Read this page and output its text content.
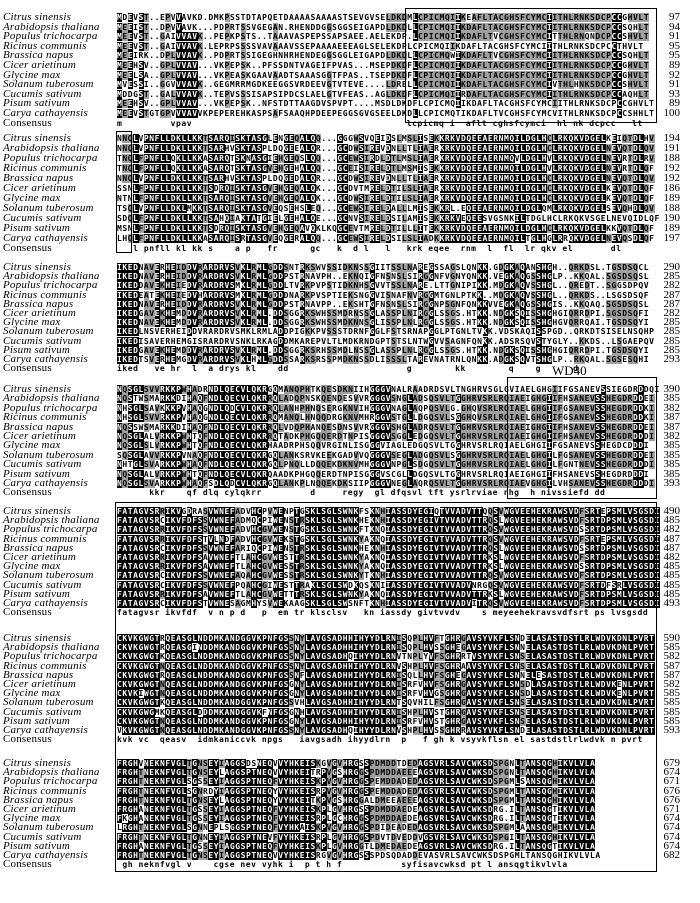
Citrus sinensis	MDEVST..EPVVAVKD.DMKPSSTDTAPQETDAAAASAAAASTSEVGVSELDKDMLCPICMQIIKEAFLTACGHSFCYMCIITHLRNKSDCPCCGHVLT	97
Arabidopsis thaliana MEEIST..DPVVAVK...PDPRTSSVGEGAN.RHENDDGGSGGSEIGAPDLDKDLLCPICMQIIKDAFLTACGHSFCYMCIITHLRNKSDCPCCSQHLT	94
Populus trichocarpa MEEVST..GAIVVAVK..PEPKPSTS..TAAAVASPEPSSAPSAEE.AELEKDP.LCPICMQIIKDAFLTVCGHSFCYMCITTHLRNQNDCPCCSHVLT	91
Ricinus communis	MEEVST..GAIVVAVK.LEPRPSSSSVAVAAAVSSEPAAAAEEEAGLSELEKDPLCPICMQIIKDAFLTACGHSFCYMCIITHLRNKSDCPCCTHVLT	95
Brassica napus	MEEIRK..DPLVVAVK..PDPRTSSIGEGHNHRHENDEGGSGGLEIGAPDLDKDLLCPICMQWIKDAFLTVCGHSFCYMCIITHLRNKSDCPCCSQHLT	95
Cicer arietinum	MEEHSV..GPLVVAV...VKPEPSK..PFSSDNTVAGEIFPVAS...MSEPDKDFLCPICMQIIKDAFLTACGHSFCYMCIITHLRNKSDCPCCGHVLT	89
Glycine max	MEELSA..GPLVVAV...VKPEASKGAAVAADTSAAASGGTFPAS..TSEPDKDFLCPICMQIIKDAFLTACGHSFCYMCIITHLRNKSDCPCCGHVLT	92
Solanum tuberosum	MVESSI..GGVVVAVK..GEGMRRMGDKEEGGSVRDEEVGTVTEVE....LDRELLCPICMQIIKDAFLTACGHSFCYMCIVTHLHNKSDCPCCSHVLT	91
Cucumis sativum	MDDGST..GALVVAVK..TEPVSSSISAPSIPDCSLAELGTVFEAS..AGLDKDFLCPICMQIIRDAFLTACGHSFCYMCIITHLRNKSDCPCCAQHLT	93
Pisum sativum	MEEHSV..GPLVVAV...VKPEPSK..NFSTDTTAAGDVSPVPT....MSDLDKDFLCPICMQIIKDAFLTACGHSFCYMCIITHLRNKSDCPCCGHVLT	89
Carya cathayensis	MEEVSTGTGPVVVAVVKPEPEREHKASPSAFSAAQHPDEEPEGGSGVGSEELDKDLLCPICMQTIKDAFLTVCGHSFCYMCVITHLRNKSDCPCCSHHLT 100
Consensus	m         vpav                                        lcpicmq i  aflt cghsfcymci  hl nk dcpcc   lt
Citrus sinensis	NNQLVPNFLLDKLLKKTSARQISKTASGLENGEQALQQ...GGGWSVQEIDSLMSLISEKKRKVDQEEAERNMQILDGLHCLRKQKVDGELKEIQTDLHV 194
Arabidopsis thaliana NNQLVPNFLLDKLLKKTSARHVSKTASPLDQGEEALQR...GCDWSIREVDNLLTLIAERKRKVDQEEAERNMQILDGLHCLRKQKVDGELNEVQTDLQV 191
Populus trichocarpa TNQLFPNFLLQKLLKKASARQTSKNASGIEHGEQSLQQ...GCEWSIRDLDTLMSLIAERKRKVDQEEAERNMQVLDGLHVLRKQKVDGELNEVRTDLRV 188
Ricinus communis	TNQLFPNFLLQKLLKKASARQTSKTASGVEHGEHALQQ...GCEISIRELDTLMSMISEKKRKVDQEEAERNMQILDGLHVLRKQKVDGELNEVRTDLQF 192
Brassica napus	NNQLVPNFLLDKLLKKTSARHVSKTASPLDQGEDALQR...GCDWSIREVDNLLTLIAERKRKVDQEEAERNMQILDGLHCLRKQKVDGELNEVQTDLQV 192
Cicer arietinum	SSNLFPNFLLDKLLKKTSDRQISKTASGVEHGEQALQK...GCDVTMRELDTILSLIAERKRKVDQEEAERNMQILDGLHCLRKQKVDGELKEVQTDLQF 186
Glycine max	NTNLFPNFLLDKLLKKTSARQISKTASGVEHGEQALQK...GCDWSIRELDTILSLIAERKRKVDQEEAERNMQILDGLHCLRKQKVDGELKEVQTDLQF 189
Solanum tuberosum	TSQLVPNFLLDKLMKKTSARQISKTASGVEQSEHSLEQ...GCEWSIRELDALLLMISEKKRL.EQEEAERNMQILDGLQMLRKQKVDGELSEVQHDLQV 188
Cucumis sativum	SDQLFPNFLLDKLLKKTSAHQIAKTATGIELGEHALQE...GCNVSIRELDSILAMISEKKRKVEQEESVGSNKILTDGLHCLRKQKVSGELNEVQIDLQF 190
Pisum sativum	MSNLFPNFLLDKLLKKTSDRQISKTASGVEHGEQAVQKLKQGCEVTMRELDTILLLITEKKRKVDQEEAERNMQILDGLHCLRKQKVDGELKKVQTDLQF 189
Carya cathayensis	LHQLFPNFLLDKLLKKASARQISRTASGVEQGERALQQ...GCEWSIRELDSILSLIADKKRKVDQEEAERNMQILTGLHGLRRQKVDGELNEVQSDLQF 197
Consensus	l pnfll kl kk s    a p   fr      gc   k  d l   l   krk eqee  rnm  l  fl  lr qkv el       dl
Citrus sinensis	IKEDNAVERHEIDDVRARDRVSVKLRMLGDDSNTRKSWVSSIDKNSSGIITSSLNAREGSSAGSLQNKK.GDGKAQANSHGH..QRKDSL.TGSDSQCL	290
Arabidopsis thaliana IKEDNAVERHEIDDVRARDRVSVKLRMLGDDPSTRNAVPH..EKNQIGFNSNSLSIRGGNFVGNYQNKK.VEGKAQGSSHGLP..KKQAL.SGSDSQSL	285
Populus trichocarpa IKEDDAVEKHEIEDVRARDRVSMKLRMLGDDLTVRKPVPSTIDKNHSGVVTSSLNARE.LTTGNIPIKK.MDGKAQVSSHGL..QREDT..SGGSDPQV	282
Ricinus communis	IKEDEATEKHEIEDVHARDRVSMKLRMLGDDDNARKPVSPTIEKSNGGVISNAFNVRGGMTGNLPTKK..MDGKAQVSSHGL..QRKDS..LSGSDSQF	287
Brassica napus	IKEDNAVERHEIDDVRARDRVSVKLRMLGDDPSTRNAVPP..EKSHTGFNSNSLSIRGGNPSGNFQNKKVVEGKAQGSSHGIS..KKQAQ.SGSDSQSL	287
Cicer arietinum	IKEDGAVEKHEMDDVRARDRVSVKLRML.DDSGGRKSWHSSMDRNSSGLASSPLNIRGGLSSGS.HTKK.NDGKSQISSHGHGIQRRDPI.SGSDSQFI	282
Glycine max	IKEDNAVEKHEMDDVRARDRVSVKLRML.DDSGGRKSWHSSMDKNNSGLISSPLNLRGGLSSGS.HTKK.NDGKSQISSHGHGVQRRQAI.TGSDSQYI	285
Solanum tuberosum	IKEDLNSVERHEIDDVRARDRVSMKLRMLADDPIGKKPVSSSTDRNFGGLFSTSRNAPGGLPTGNLTVKK.VDSKAQISSPGD..QRKDTSISELNSQHP 285
Cucumis sativum	IKEDISAVERHEMGISRARDRVSNKLRKAGDDMKAREPVLTLMDKRNDGPTSTSLNTWGVVSAGNFQNKK.ADSRSQVSTYGLY..KKDS..LSGAEPQV 285
Pisum sativum	IKEDGAVEKHEMDDVRARDRVSVKLRML.DDSGGRKSRHSSMDLNSSGLASSPLNLRGGLSSGS.HTKK.NDGKSQISSHGHGIQRRDPI.TGSDSQYI	285
Carya cathayensis	IKEDTSVERHEMGDVRARDRVSVKLHMLGDDSSARKSRSSPMDKNSSDLISSSLTAREVNATRNLQNKK.ADGKSQVTSHGLP..RKQAL.SGSESQHI	293
Consensus	iked   ve hr  l  a drys kl    dd                      g        kk        q    g      d
Citrus sinensis	NQSGLSVVRKKPWHADRNDLQECVLQKRGQMANQPHTKQESDKNIIHGGGVNALRAADRDSVLTNGHRVSGLGVIAELGHGIIFGSANEVSSIEGDRDDQI 390
Arabidopsis thaliana NQSTWSMARKKDIHAQFNDLQECVLQKRRQLADQPNSKQENDESVVRGGGVSNGLADSQSVLTGGHRVSRLRQIAEIGHGIIFHSANEVSSHEGDRDDEI 385
Populus trichocarpa NHSGLSAVKKKPVHAQGNDLQDCVLQKRRQLANHPHNQSERGKNVIHGGGVNAGLAQPQSVLG.GHQVSRLRQIAELGHGIIFGSANEVSSHEGDRDDKI 382
Ricinus communis	NHSGLSVVRKKPVHAQGNDLQECVLQKRRQMANQLHNQQDRGKNVMHRGGVSTGLLDGQSVLSGGHQVSRLRQIAELGHGIIFGSANEVSSHEGDRDDKI 387
Brassica napus	NQSSWSMARKKDIHAQFNDLQECVLQKRRQLVDQPHANQESDNSVVRGGGVSHGLADRQSVLTGGHRVSRLRQIAEIGHGIIFHSANEVSSHEGDRDDEI 387
Cicer arietinum	NQSGLALVRKKPWHTQFNDLQECVLQKRRQTADKPHGQQERDTNPISGGGVSGGLEDGQSVLTGGHRVSRLRQIAEIGHGIIFHSANEVSSHEGDRDDDI 382
Glycine max	NQSGLSLVRKKPWHTQFNDLQECVLQKRHAADRPHSQQVRGINLISGGGVIAGLEDGQSVLTGGHRVSRLRQIAELGHGIIFGSANEVSSHEGDCDDDI	385
Solanum tuberosum	SQSGLAVVRKKPVNAQFNDLQECVLQKRGQLANKSRVKEEKGADVVQGGGVSEGLADGQSVLSGGHRVSRLRQIAELGHGILFGSANEVSSHEGDRDDEI 385
Cucumis sativum	NHTGLSVARKKPWHAQFNDLQECVLQKRGQLPNQLLDQQEKDKNVMHGGGVNPGLSDGQSVLTGGHRVSRLRQIAELGHGILFGNTNEVSSHEGDRDDDI 385
Pisum sativum	NQSGLALVRKKPWHTQFNDLQECVLQKRQAADKPHGQQERDTNPISGGGVSCGLLDGQSVLTGGHRVSRLRQIAEIGHGIIFHSANEVSSHEGDRDDDI	385
Carya cathayensis	NQSGLSVARKKPWHAQFSDLQDCVLQKRGQLANKPLNQQEKDKSIIPGGGVNEGLAQRQSVLTGGHRVSRLRQIAEVGHGILVHSANEVSSHEGDRDDDI 393
Consensus	kkr    qf dlq cylqkrr         d     regy  gl dfqsvl tft ysrlrviae rhg  h nivssiefd dd
Citrus sinensis	FATAGVSRRIKVGDRASVWNEFADVHCPVWENPTGSKLSGLSWNKFSKNHIASSDYEGIQTVVADVTTQQSVWGVEEHEKRAWSVDFSRTEPSMLVSGSDI 490
Arabidopsis thaliana FATAGVSRCIKVFDFSSVWNEFADMQCPIWENSTRSKLSGLSWNKHEKNHIASSDYEGIVTVVADVTTRQSLWGVEEHEKRAWSVDFSRTDPSMLVSGSDI 485
Populus trichocarpa FATAGVSRRIKVFDFSSVWNEFADVHCGVWENSTGSKLSGLSWNKFTKNQIASSDYEGIVTVVADVTTRQSVWGVEEHEKRAWSVDSSRTDPSMLVSGSDI 482
Ricinus communis	FATAGVSRRIKVFDFSTVLNDFADVHCGVWEKSTGSKLSGLSWNKYAKNQIASSDYEGIVTVVADVTTRQSVWGVEEHEKRAWSVDFSRTEPSMLVSGSDI 487
Brassica napus	FATAGVSRCIKVFDFSSVWNEFARIQCPIWENSTRSKLSGLSWNKHEKNHIASSDYEGIVTVVADVTTRQSLWGVEEHEKRAWSVDSSRTDPSMLVSGSDI 487
Cicer arietinum	FATAGVSRRIKVFDFSAVWNEFTLAHCGVWESTTRSKLSGLSWNKYAKNQIASSDYEGIVTVVADVTTRKSLWGVEEHEKRAWSVDFSRTDPSMLVSGSDI 482
Glycine max	FATAGVSRRIKVFDFSAVWNEFTLAHCGVWESSTRSKLSGLSWNKYAKNQIASSDYEGIVTVVADVTTRKSLWGVEEHEKRAWSVDSSRTDPSMLVSGSDI 485
Solanum tuberosum	FATAGVSRCIKVFDFSSVWNEFAQAHCGVWESSTRSKLSGLSWNKYTKNHIASSDYEGIVTVVADVTTRQSVWGVEEHEKRAWSVDFSRTDPSMLVSGSDI 485
Cucumis sativum	FATAGVSRCIKVFDFSSVWNEFPQAHCGIWESTTRAKLSGLSWDKQSKNIIASSDYEGIVTVVADVNRGQSVWGVEEHEKRAWSVDFSRTDFSRLVSGSDI 485
Pisum sativum	FATAGVSRRIKVFDFSAVWNEFTLAHCGVWETTTRSKLSGLSWNKYAKNQIASSDYEGIVTVVADVTTRKSLWGVEEHEKRAWSVDFSRTDPSMLVSGSDI 485
Carya cathayensis	FATAGVSRCIKVFDFSTVWNESAGMHYSVWEKAAGSKLSGLSWSNFTKNHIASSDYEGIVTVVADVITRQSVWGVEEHEKRAWSVDFSRTDPSMLVSGSDI 493
Consensus	fatagvsr ikvfdf  v n p d   p  em tr klsclsv   kn iassdy givtvvdv    s meyeehekravsvdfsrt ps lvsgsdd
Citrus sinensis	CKVKGWGTRQEASGLNDDMKANDGGVKPNFGSSNYLAVGSADHHIHYYDLRNISQPLHVFTGHRGAVSYVKFLSNDELASASTDSTLRLWDVKDNLPVRT 590
Arabidopsis thaliana CKVKGWGTRQEASGINDDMKANDGGVKPNFGSSNYLAVGSADHHIHYYDLRNISQPLHVSSGHEGAVSYVKFLSNNELASASTDSTLRLWDVKDNLPVRT 585
Populus trichocarpa CKVKGWGTKQEASGLNDDMKANDGGVKPNFGSSNYLAVGSADHQIHYYDLRNVTNPLYVFSGHRRTVSYVKFLSNSELASASTDSTLRLWDVKDNLPVRT 582
Ricinus communis	CKVKGWGTNQEASGLNDDMKANDGGVKPNFGSSNYLAVGSADHHIHYYDLRNVSHPLHVFSGHRAAVSYVKFLSNSELASASTDSTLRLWDVKDNLPVRT 587
Brassica napus	CKVKGWGTRQEASGLNDDMKANDGGVKPNFGSSNFLAVGSADHHIHYYDLRNISQLLHVFSGHEGAVSYVKFLSNNELESASTDSTLRLWDVKDNLPVRT 587
Cicer arietinum	CKVKGWGTNQEASGLNDDMKANDGGVKPNFGSGNYLAVGSADHHIHYYDLRNISRFVHVFSGHRGAVSYVKFLSNSDLASASTDSTLRLWDVKENLPVRT 582
Glycine max	CKVKIWGTNQEASGLNDDMKANDGGVKPNFGSGNYLAVGSADHHIHYYDLRNISRFVHVGSGHRGAVSYVKFLSNSDLASASTDSTLRLWDVKENLPVRT 585
Solanum tuberosum	CKVKGWGTKQEASGLNDDMKANDGGVKPNFGSSVHLAVGSADHHIHYYDLRNTSQVHILFSGHRGAVSYVKFLSNSELASASTDSTLRLWDVKDNLPVRT 585
Cucumis sativum	CKVKGWGMKQEASGLDDDMKANDGGVKFNFGSGNHLAVGSADHHIHYYDLRNISHPLHVSTGHRGAVSYVKFLSNSELASASTDSTLRLWDVKDNLPVRT 585
Pisum sativum	CKVKGWGTNQEASGLNDDMKANDGGVKPNFGSGNYLAVGSADHHIHYYDLRNISRFVHVSTGHRGAVSYVKFLSNSELASASTDSTLRLWDVKDNLPVRT 585
Carya cathayensis	VKVKGWGTNQEASGLNDDMKANDGGVKPNFGSSNYLAVGSADHQIHYYDLRNVSHPLHVSSGHRRAVSYVKFLSNDELASASTDSTLRLWDVKDNLPVRT 593
Consensus	kvk vc  qeasv  idmkaniccvk npgs   iavgsadh ihyydlrn  p   f gh k vsyvkflsn el sastdstlrlwdvk n pvrt
Citrus sinensis	FRGHVNEKNFVGLTGNSEYIAGGSDSNEQVVYHKEISKGVGVHRGSSPDMDDTDEDAGSVRLSAVCWKSDSPGNLTANSQGHIKVLVLA	679
Arabidopsis thaliana FRGHTNEKNFVGLTGNSEYLAGGSPTNEQVVYHKEITRPVGSHRGGSPDMDDAEEEAGSVRLSAVCWKSDSPGNLTANSQGHIKVLVLA	674
Populus trichocarpa FRGHTNEKNFVGLSGSSEYIAGGSPTNEQFVYHKEISKPVGVHRGGSPEMDDADEDAGSVRLSAVCWKSDSPGMLSANSQGHIKVLVLA	671
Ricinus communis	FRGHTNEKNFVGLSGNRDYIAGGSPTNEQYVYHKEISRPVGVHRGGSPEMDDADEDAGSVRLSAVCWKSDSPGMLTANSQGHIKVLVLA	676
Brassica napus	FRGHTNEKNFVGLTGNSEYLAGGSPTNEQYVYHKEITKPVGSHRGGALDMEEAEEEAGSVRLSAVCWKSDSPGMLTANSQGHIKVLVLA	676
Cicer arietinum	FRGHANEKNFVGLTGSSEYIAGGSPTNEQFVYHKEISKPLGVHRGSSPDMDDAEDEAGSVRLSAVCWKSDRG.ILTANSQGTIKVLVLA	671
Glycine max	FKGHANEKNFVGLTGSSEYIAGGSPTNEQFVYHKEISRPLGCHRGGSPDMDDAEDEAGSVRLSAVCWKSDRG.ILTANSQGTIKVLVLA	674
Solanum tuberosum	LRGHTNEKNFVGLSGNNEPLSGGSPTNEQFVYHKAISKPVGVHRGGSPDIDEADEDAGSVRLSAVCWKSDSPGMLAANSQGHIKVLVLA	674
Cucumis sativum	FRGHTNEKNFVGLTGNNEYIAGGSPTNEVFVYHKEISRPLGVHRGGSPDVTDVEDDVGSVRLSAVCWKSDSPGILTANSQGHIKVLVLA	674
Pisum sativum	FRGHANEKNFVGLTGSSEYIAGGSPTNEQFVYHKEISKPLGVHRGGTLDMEDAEDEAGSVRLSAVCWKSDRG.ILTANSQGTIKVLVLA	674
Carya cathayensis	FRGHTNEKNFVGLTGNSEYIAGGSPTNEQVVYHKEISRGVGVHRGSSSPDSQDADDEVASVRLSAVCWKSDSPGMLTANSQGHIKVLVLA	682
Consensus	gh neknfvgl v    cgse nev vyhk i  p t h f           syfisavcwksd pt l ansqgtikvlvla
WD40
